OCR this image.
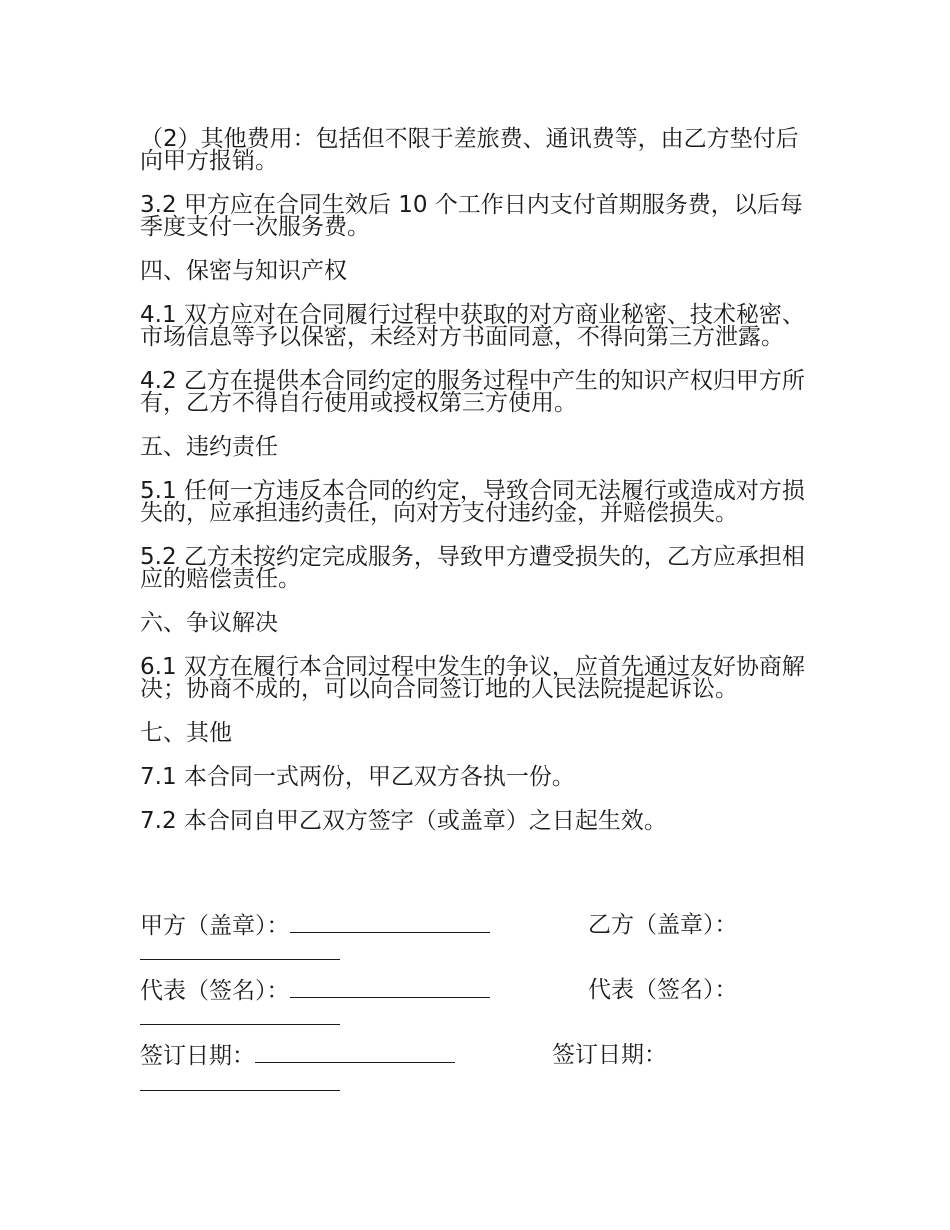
（2）其他费用：包括但不限于差旅费、通讯费等，由乙方垫付后向甲方报销。

3.2 甲方应在合同生效后 10 个工作日内支付首期服务费，以后每季度支付一次服务费。

四、保密与知识产权

4.1 双方应对在合同履行过程中获取的对方商业秘密、技术秘密、市场信息等予以保密，未经对方书面同意，不得向第三方泄露。

4.2 乙方在提供本合同约定的服务过程中产生的知识产权归甲方所有，乙方不得自行使用或授权第三方使用。

五、违约责任

5.1 任何一方违反本合同的约定，导致合同无法履行或造成对方损失的，应承担违约责任，向对方支付违约金，并赔偿损失。

5.2 乙方未按约定完成服务，导致甲方遭受损失的，乙方应承担相应的赔偿责任。

六、争议解决

6.1 双方在履行本合同过程中发生的争议，应首先通过友好协商解决；协商不成的，可以向合同签订地的人民法院提起诉讼。

七、其他

7.1 本合同一式两份，甲乙双方各执一份。

7.2 本合同自甲乙双方签字（或盖章）之日起生效。

甲方（盖章）：	乙方（盖章）：
代表（签名）：	代表（签名）：
签订日期：	签订日期：
